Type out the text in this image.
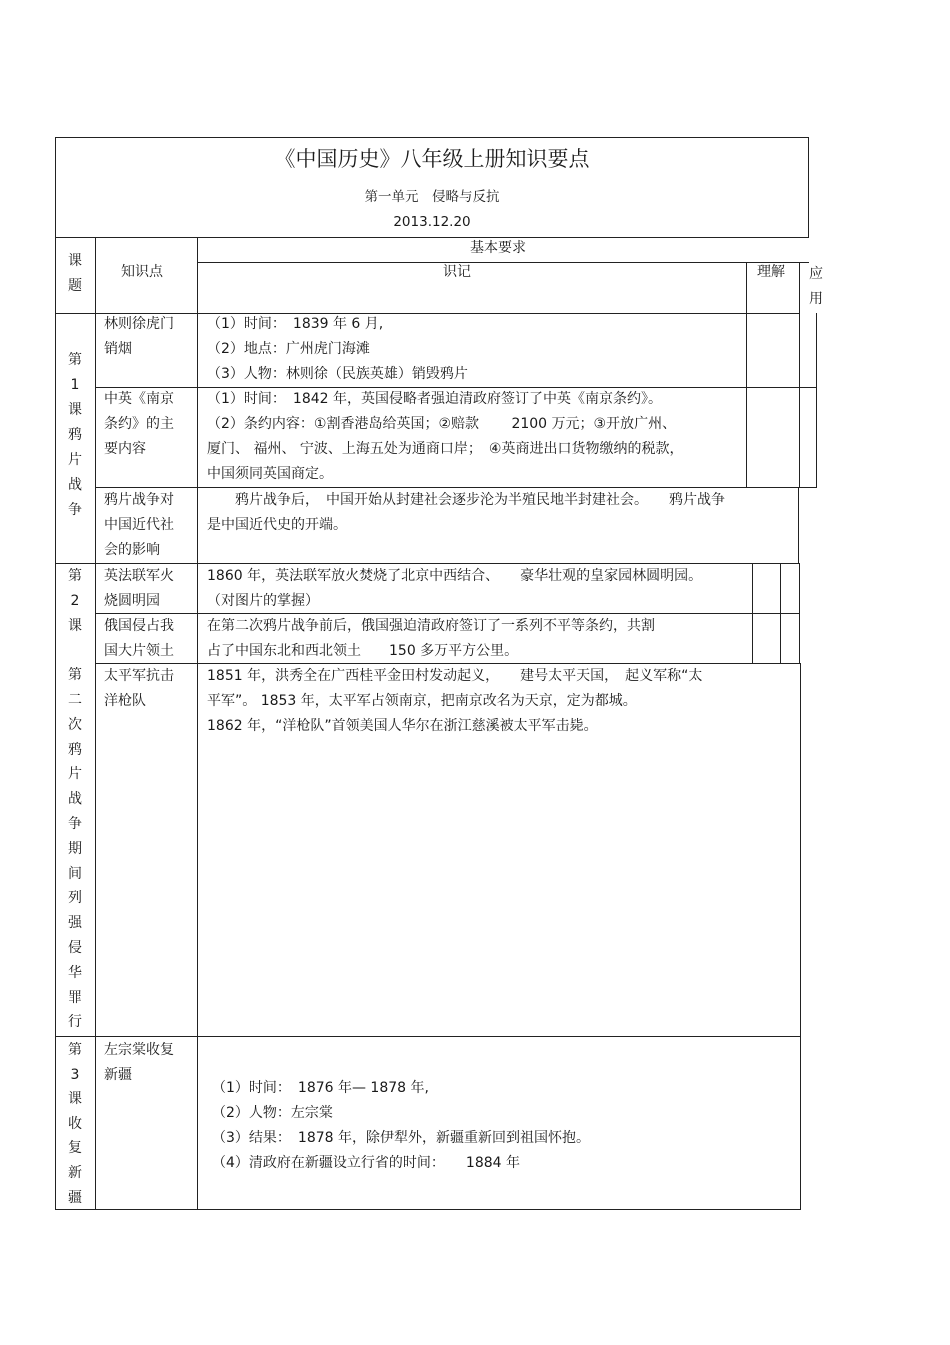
《中国历史》八年级上册知识要点
第一单元　侵略与反抗
2013.12.20
课
题
知识点
基本要求
识记	理解	应
用
第
1
课
鸦
片
战
争
林则徐虎门
销烟
（1）时间：　1839 年 6 月,
（2）地点：广州虎门海滩
（3）人物：林则徐（民族英雄）销毁鸦片
中英《南京
条约》的主
要内容
（1）时间：　1842 年，英国侵略者强迫清政府签订了中英《南京条约》。
（2）条约内容：①割香港岛给英国；②赔款　　 2100 万元；③开放广州、
厦门、 福州、 宁波、上海五处为通商口岸；　④英商进出口货物缴纳的税款，
中国须同英国商定。
鸦片战争对
中国近代社
会的影响
　　鸦片战争后，　中国开始从封建社会逐步沦为半殖民地半封建社会。　　鸦片战争
是中国近代史的开端。
第
2
课
第
二
次
鸦
片
战
争
期
间
列
强
侵
华
罪
行
英法联军火
烧圆明园
1860 年，英法联军放火焚烧了北京中西结合、　　豪华壮观的皇家园林圆明园。
（对图片的掌握）
俄国侵占我
国大片领土
在第二次鸦片战争前后，俄国强迫清政府签订了一系列不平等条约，共割
占了中国东北和西北领土　　150 多万平方公里。
太平军抗击
洋枪队
1851 年，洪秀全在广西桂平金田村发动起义，　　建号太平天国，　起义军称“太
平军”。 1853 年，太平军占领南京，把南京改名为天京，定为都城。
1862 年，“洋枪队”首领美国人华尔在浙江慈溪被太平军击毙。
第
3
课
收
复
新
疆
左宗棠收复
新疆
（1）时间：　1876 年— 1878 年,
（2）人物：左宗棠
（3）结果：　1878 年，除伊犁外，新疆重新回到祖国怀抱。
（4）清政府在新疆设立行省的时间：　　1884 年
